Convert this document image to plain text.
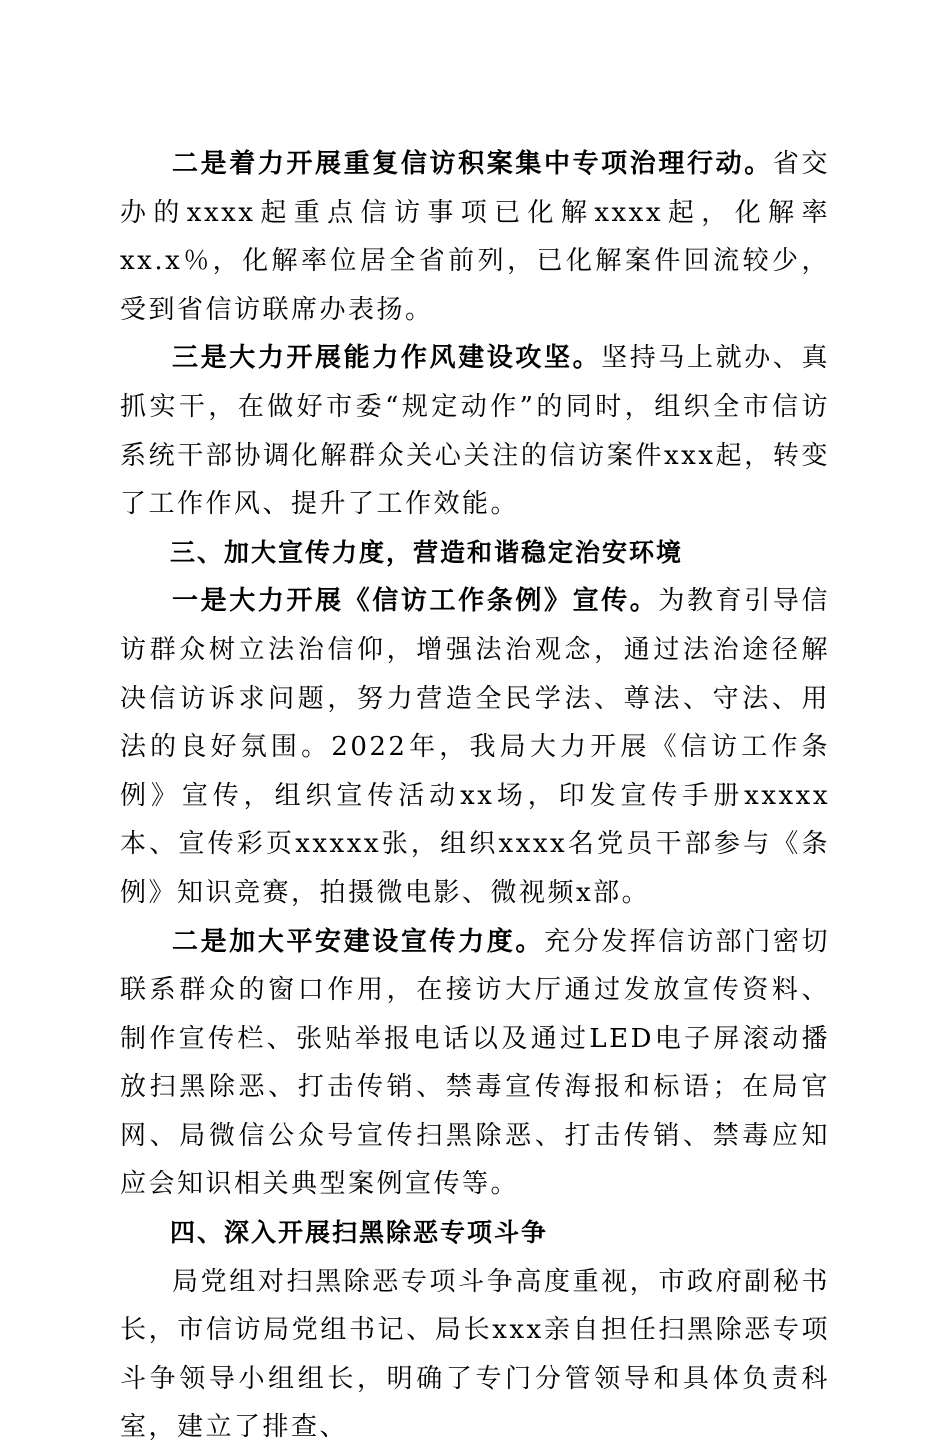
二是着力开展重复信访积案集中专项治理行动。省交办的xxxx起重点信访事项已化解xxxx起，化解率xx.x％，化解率位居全省前列，已化解案件回流较少，受到省信访联席办表扬。

三是大力开展能力作风建设攻坚。坚持马上就办、真抓实干，在做好市委“规定动作”的同时，组织全市信访系统干部协调化解群众关心关注的信访案件xxx起，转变了工作作风、提升了工作效能。

三、加大宣传力度，营造和谐稳定治安环境

一是大力开展《信访工作条例》宣传。为教育引导信访群众树立法治信仰，增强法治观念，通过法治途径解决信访诉求问题，努力营造全民学法、尊法、守法、用法的良好氛围。2022年，我局大力开展《信访工作条例》宣传，组织宣传活动xx场，印发宣传手册xxxxx本、宣传彩页xxxxx张，组织xxxx名党员干部参与《条例》知识竞赛，拍摄微电影、微视频x部。

二是加大平安建设宣传力度。充分发挥信访部门密切联系群众的窗口作用，在接访大厅通过发放宣传资料、制作宣传栏、张贴举报电话以及通过LED电子屏滚动播放扫黑除恶、打击传销、禁毒宣传海报和标语；在局官网、局微信公众号宣传扫黑除恶、打击传销、禁毒应知应会知识相关典型案例宣传等。

四、深入开展扫黑除恶专项斗争

局党组对扫黑除恶专项斗争高度重视，市政府副秘书长，市信访局党组书记、局长xxx亲自担任扫黑除恶专项斗争领导小组组长，明确了专门分管领导和具体负责科室，建立了排查、
